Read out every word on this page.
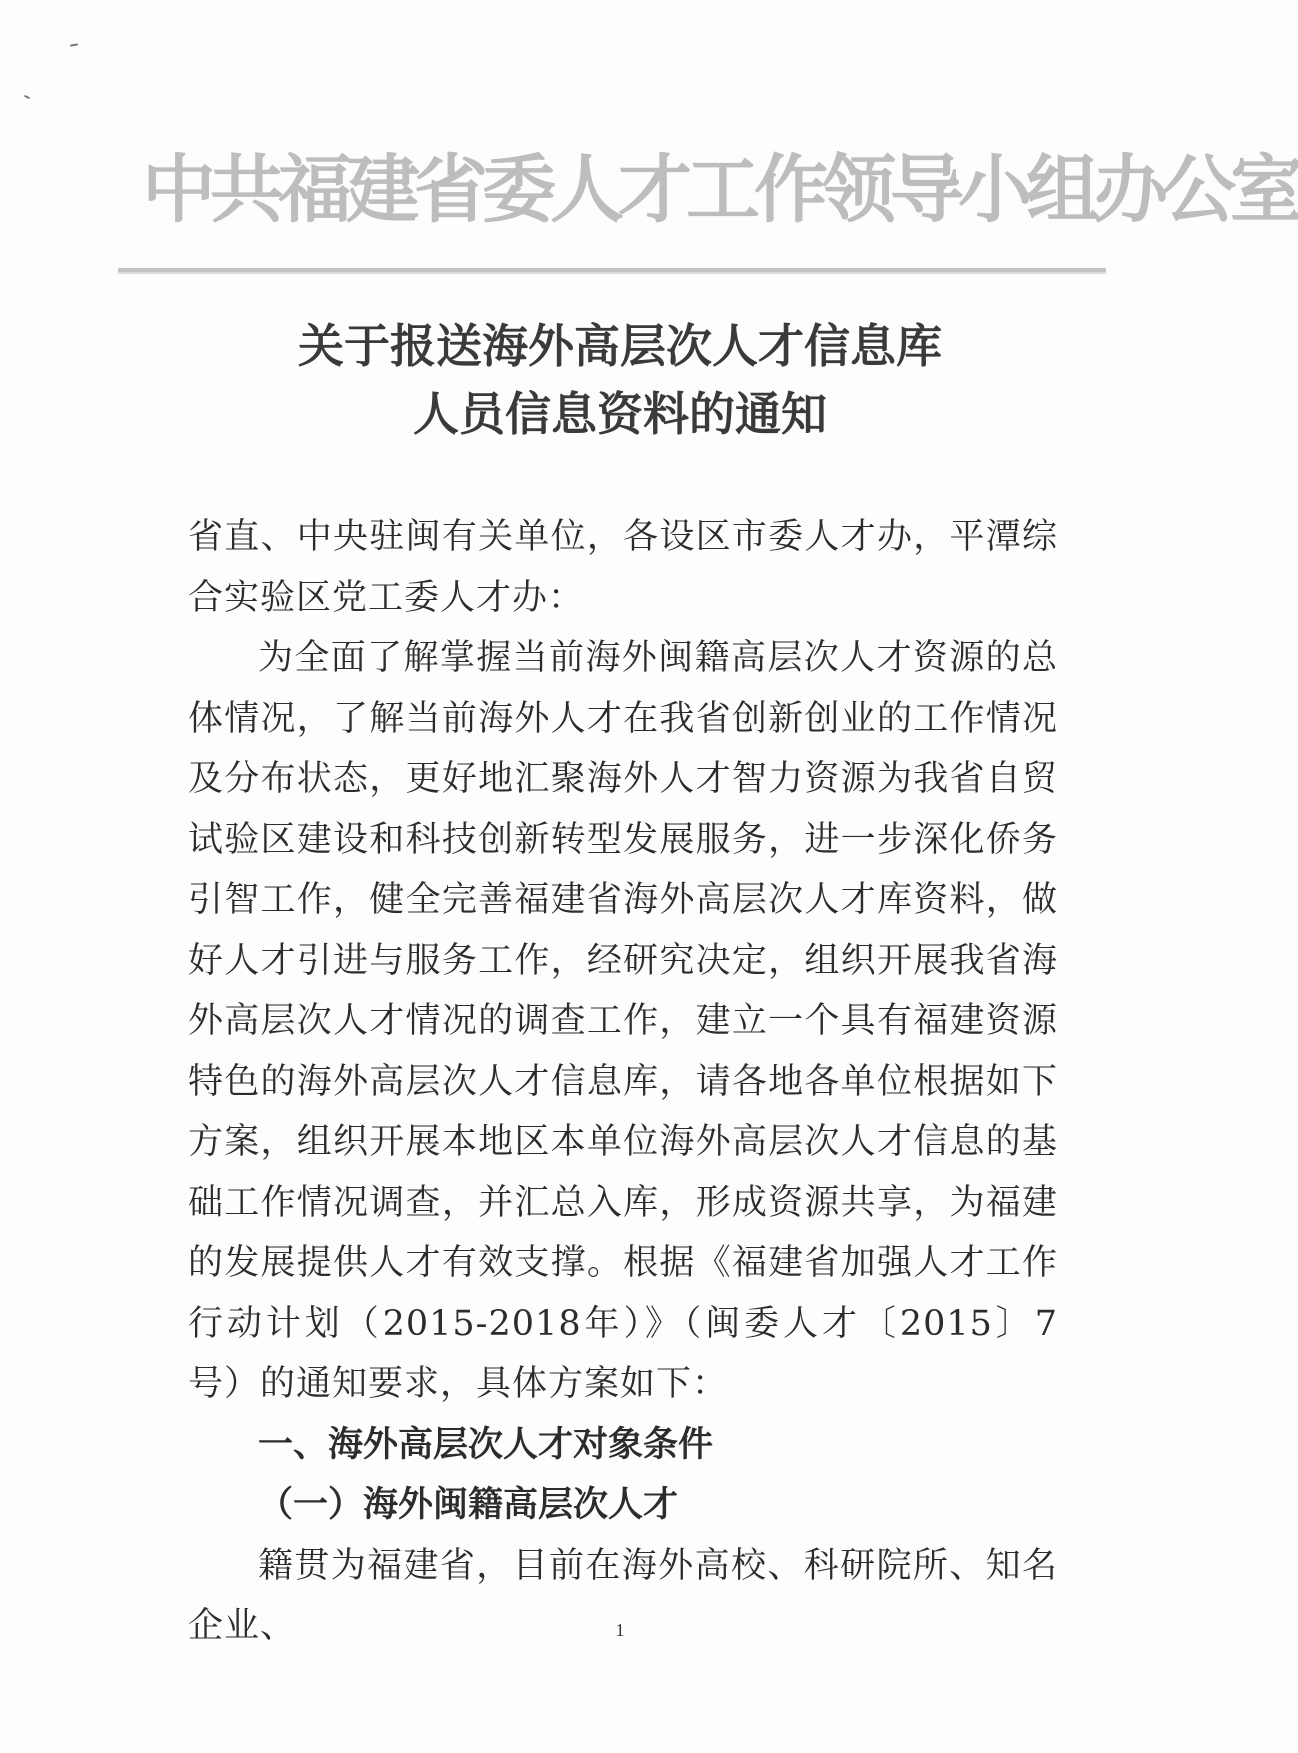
中共福建省委人才工作领导小组办公室
关于报送海外高层次人才信息库
人员信息资料的通知

省直、中央驻闽有关单位，各设区市委人才办，平潭综合实验区党工委人才办：

为全面了解掌握当前海外闽籍高层次人才资源的总体情况，了解当前海外人才在我省创新创业的工作情况及分布状态，更好地汇聚海外人才智力资源为我省自贸试验区建设和科技创新转型发展服务，进一步深化侨务引智工作，健全完善福建省海外高层次人才库资料，做好人才引进与服务工作，经研究决定，组织开展我省海外高层次人才情况的调查工作，建立一个具有福建资源特色的海外高层次人才信息库，请各地各单位根据如下方案，组织开展本地区本单位海外高层次人才信息的基础工作情况调查，并汇总入库，形成资源共享，为福建的发展提供人才有效支撑。根据《福建省加强人才工作行动计划（2015-2018年）》（闽委人才〔2015〕7号）的通知要求，具体方案如下：

一、海外高层次人才对象条件

（一）海外闽籍高层次人才

籍贯为福建省，目前在海外高校、科研院所、知名企业、	1
